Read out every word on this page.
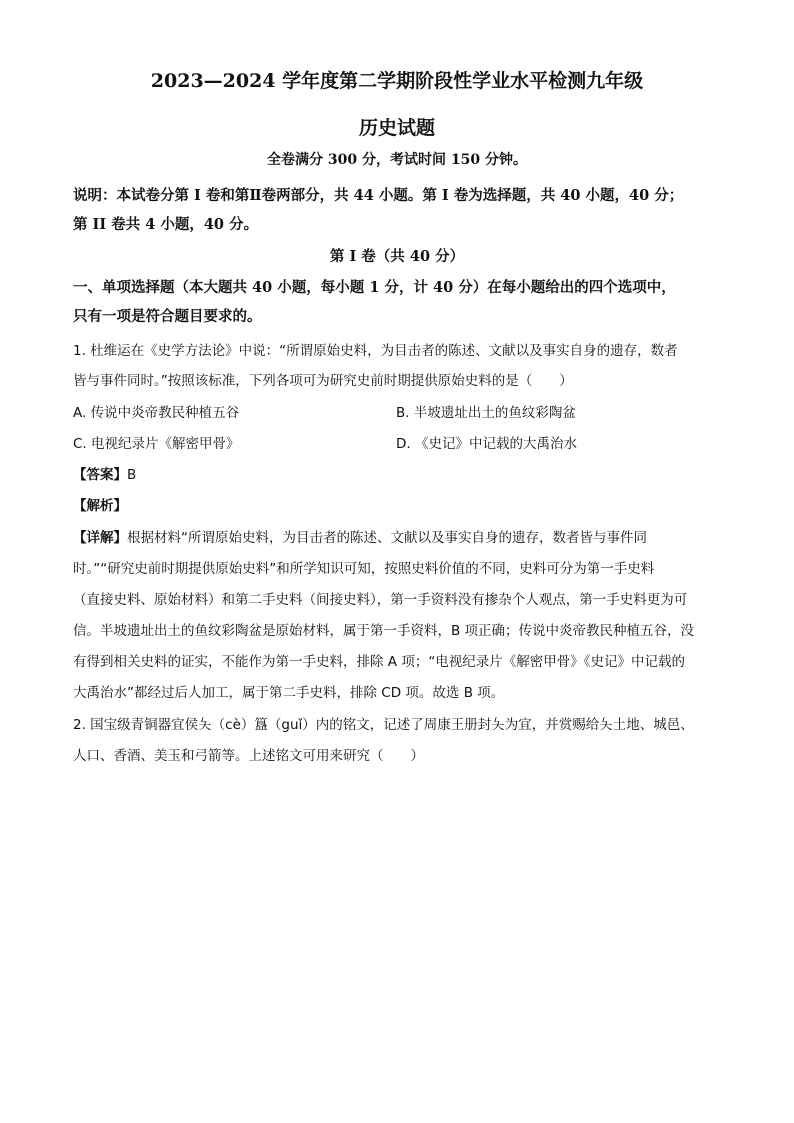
2023—2024 学年度第二学期阶段性学业水平检测九年级
历史试题
全卷满分 300 分，考试时间 150 分钟。
说明：本试卷分第 I 卷和第Ⅱ卷两部分，共 44 小题。第 I 卷为选择题，共 40 小题，40 分；
第 II 卷共 4 小题，40 分。
第 I 卷（共 40 分）
一、单项选择题（本大题共 40 小题，每小题 1 分，计 40 分）在每小题给出的四个选项中，
只有一项是符合题目要求的。
1. 杜维运在《史学方法论》中说：“所谓原始史料，为目击者的陈述、文献以及事实自身的遗存，数者
皆与事件同时。”按照该标准，下列各项可为研究史前时期提供原始史料的是（　　）
A. 传说中炎帝教民种植五谷	B. 半坡遗址出土的鱼纹彩陶盆
C. 电视纪录片《解密甲骨》	D. 《史记》中记载的大禹治水
【答案】B
【解析】
【详解】根据材料“所谓原始史料，为目击者的陈述、文献以及事实自身的遗存，数者皆与事件同
时。”“研究史前时期提供原始史料”和所学知识可知，按照史料价值的不同，史料可分为第一手史料
（直接史料、原始材料）和第二手史料（间接史料），第一手资料没有掺杂个人观点，第一手史料更为可
信。半坡遗址出土的鱼纹彩陶盆是原始材料，属于第一手资料，B 项正确；传说中炎帝教民种植五谷，没
有得到相关史料的证实，不能作为第一手史料，排除 A 项；“电视纪录片《解密甲骨》《史记》中记载的
大禹治水”都经过后人加工，属于第二手史料，排除 CD 项。故选 B 项。
2. 国宝级青铜器宜侯夨（cè）簋（guǐ）内的铭文，记述了周康王册封夨为宜，并赏赐给夨土地、城邑、
人口、香酒、美玉和弓箭等。上述铭文可用来研究（　　）
